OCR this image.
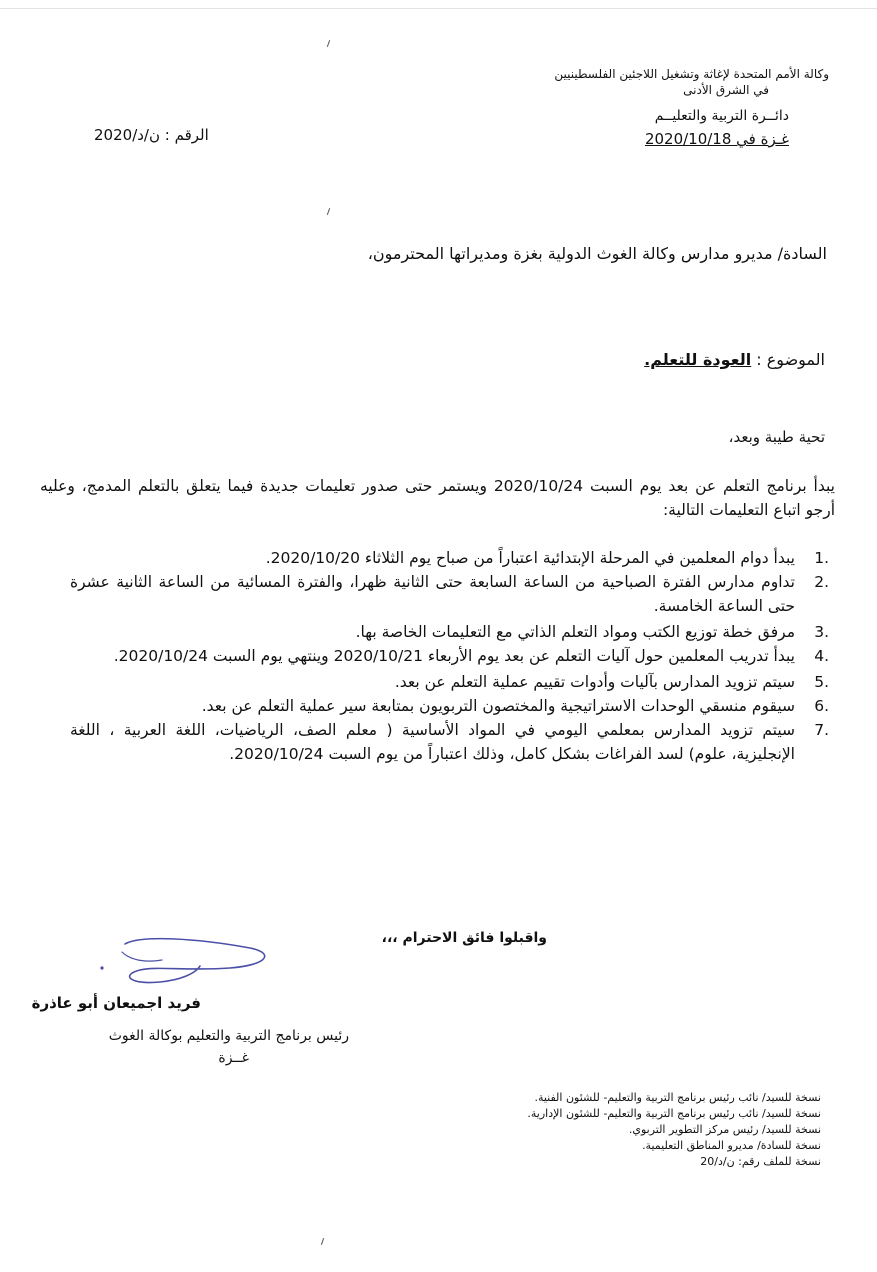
وكالة الأمم المتحدة لإغاثة وتشغيل اللاجئين الفلسطينيين
في الشرق الأدنى
دائــرة التربية والتعليــم
غـزة في 2020/10/18
الرقم : ن/د/2020
السادة/ مديرو مدارس وكالة الغوث الدولية بغزة ومديراتها المحترمون،
الموضوع : العودة للتعلم.
تحية طيبة وبعد،
يبدأ برنامج التعلم عن بعد يوم السبت 2020/10/24 ويستمر حتى صدور تعليمات جديدة فيما يتعلق بالتعلم المدمج، وعليه أرجو اتباع التعليمات التالية:
1.
يبدأ دوام المعلمين في المرحلة الإبتدائية اعتباراً من صباح يوم الثلاثاء 2020/10/20.
2.
تداوم مدارس الفترة الصباحية من الساعة السابعة حتى الثانية ظهرا، والفترة المسائية من الساعة الثانية عشرة حتى الساعة الخامسة.
3.
مرفق خطة توزيع الكتب ومواد التعلم الذاتي مع التعليمات الخاصة بها.
4.
يبدأ تدريب المعلمين حول آليات التعلم عن بعد يوم الأربعاء 2020/10/21 وينتهي يوم السبت 2020/10/24.
5.
سيتم تزويد المدارس بآليات وأدوات تقييم عملية التعلم عن بعد.
6.
سيقوم منسقي الوحدات الاستراتيجية والمختصون التربويون بمتابعة سير عملية التعلم عن بعد.
7.
سيتم تزويد المدارس بمعلمي اليومي في المواد الأساسية ( معلم الصف، الرياضيات، اللغة العربية ، اللغة الإنجليزية، علوم) لسد الفراغات بشكل كامل، وذلك اعتباراً من يوم السبت 2020/10/24.
واقبلوا فائق الاحترام ،،،
فريد اجميعان أبو عاذرة
رئيس برنامج التربية والتعليم بوكالة الغوث
غــزة
نسخة للسيد/ نائب رئيس برنامج التربية والتعليم- للشئون الفنية.
نسخة للسيد/ نائب رئيس برنامج التربية والتعليم- للشئون الإدارية.
نسخة للسيد/ رئيس مركز التطوير التربوي.
نسخة للسادة/ مديرو المناطق التعليمية.
نسخة للملف رقم: ن/د/20
